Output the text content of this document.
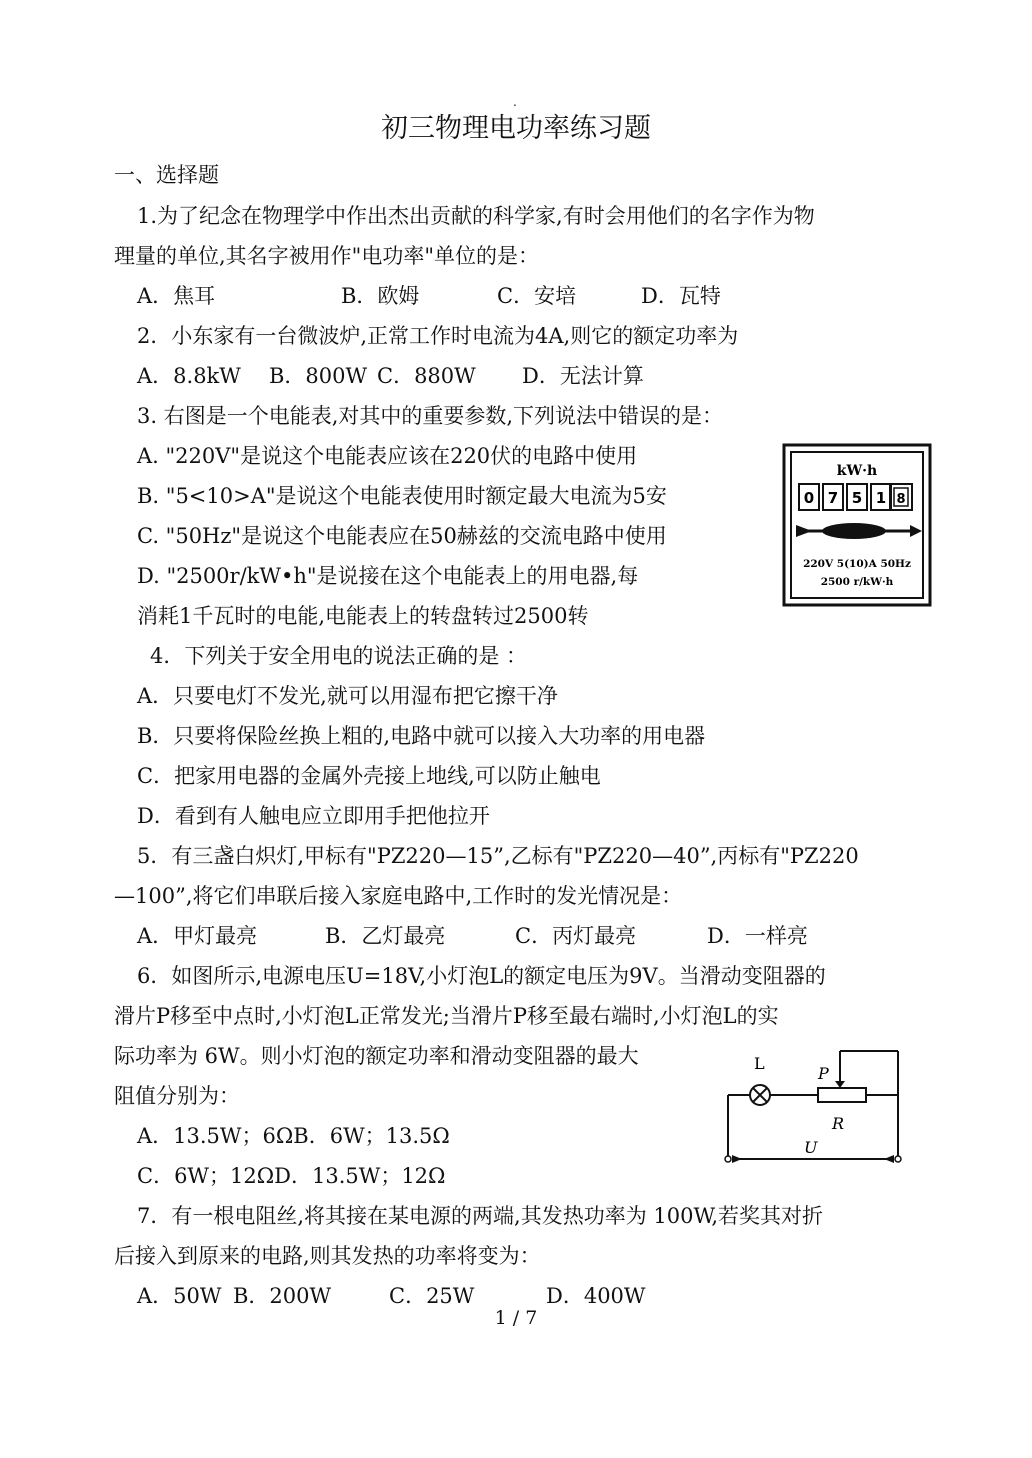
.
初三物理电功率练习题
一、选择题
1.为了纪念在物理学中作出杰出贡献的科学家,有时会用他们的名字作为物
理量的单位,其名字被用作"电功率"单位的是：
A．焦耳	B．欧姆	C．安培	D．瓦特
2．小东家有一台微波炉,正常工作时电流为4A,则它的额定功率为
A．8.8kW B．800W C．880W D．无法计算
3. 右图是一个电能表,对其中的重要参数,下列说法中错误的是：
A. "220V"是说这个电能表应该在220伏的电路中使用
B. "5<10>A"是说这个电能表使用时额定最大电流为5安
C. "50Hz"是说这个电能表应在50赫兹的交流电路中使用
D. "2500r/kW•h"是说接在这个电能表上的用电器,每
消耗1千瓦时的电能,电能表上的转盘转过2500转
kW·h
0 7 5 1 8
220V 5(10)A 50Hz
2500 r/kW·h
4．下列关于安全用电的说法正确的是 ：
A．只要电灯不发光,就可以用湿布把它擦干净
B．只要将保险丝换上粗的,电路中就可以接入大功率的用电器
C．把家用电器的金属外壳接上地线,可以防止触电
D．看到有人触电应立即用手把他拉开
5．有三盏白炽灯,甲标有"PZ220—15”,乙标有"PZ220—40”,丙标有"PZ220
—100”,将它们串联后接入家庭电路中,工作时的发光情况是：
A．甲灯最亮	B．乙灯最亮	C．丙灯最亮	D．一样亮
6．如图所示,电源电压U=18V,小灯泡L的额定电压为9V。当滑动变阻器的
滑片P移至中点时,小灯泡L正常发光;当滑片P移至最右端时,小灯泡L的实
际功率为 6W。则小灯泡的额定功率和滑动变阻器的最大
阻值分别为：
A．13.5W；6ΩB．6W；13.5Ω
C．6W；12ΩD．13.5W；12Ω
L
P
R
U
7．有一根电阻丝,将其接在某电源的两端,其发热功率为 100W,若奖其对折
后接入到原来的电路,则其发热的功率将变为：
A．50W B．200W	C．25W	D．400W
1 / 7
